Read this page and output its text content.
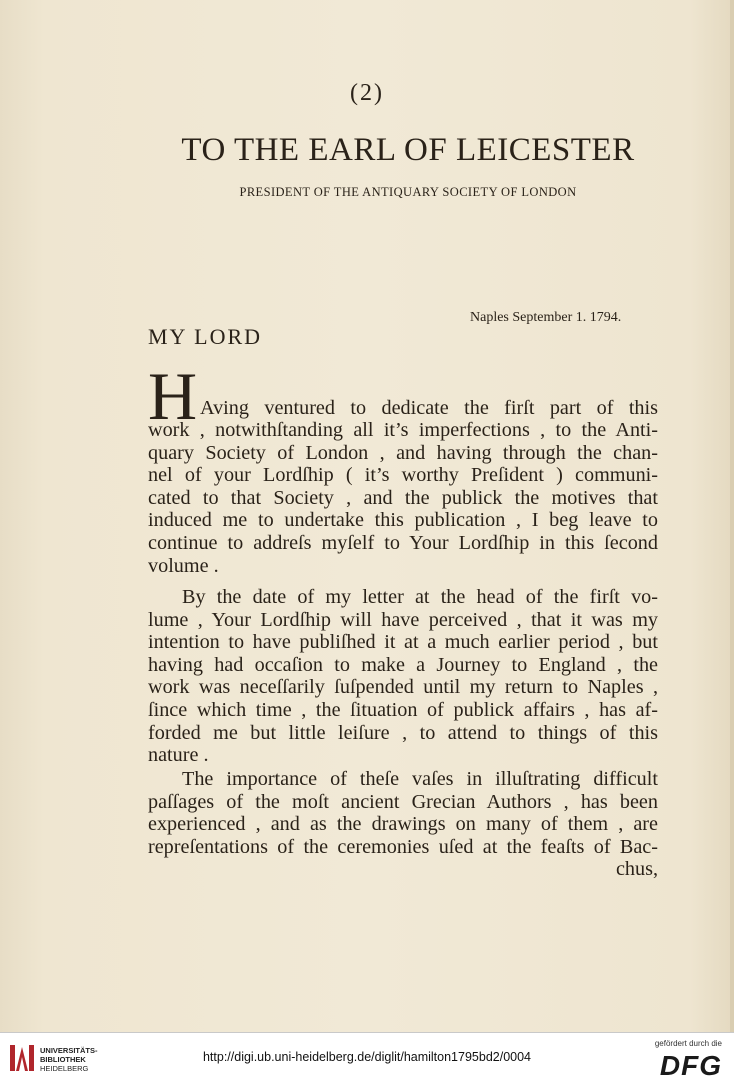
(2)
TO THE EARL OF LEICESTER
PRESIDENT OF THE ANTIQUARY SOCIETY OF LONDON
Naples September 1. 1794.
MY LORD
H Aving ventured to dedicate the firſt part of this
work , notwithſtanding all it’s imperfections , to the Anti-
quary Society of London , and having through the chan-
nel of your Lordſhip ( it’s worthy Preſident ) communi-
cated to that Society , and the publick the motives that
induced me to undertake this publication , I beg leave to
continue to addreſs myſelf to Your Lordſhip in this ſecond
volume .
By the date of my letter at the head of the firſt vo-
lume , Your Lordſhip will have perceived , that it was my
intention to have publiſhed it at a much earlier period , but
having had occaſion to make a Journey to England , the
work was neceſſarily ſuſpended until my return to Naples ,
ſince which time , the ſituation of publick affairs , has af-
forded me but little leiſure , to attend to things of this
nature .
The importance of theſe vaſes in illuſtrating difficult
paſſages of the moſt ancient Grecian Authors , has been
experienced , and as the drawings on many of them , are
repreſentations of the ceremonies uſed at the feaſts of Bac-
chus,
UNIVERSITÄTS-
BIBLIOTHEK
HEIDELBERG
http://digi.ub.uni-heidelberg.de/diglit/hamilton1795bd2/0004
gefördert durch die
DFG
